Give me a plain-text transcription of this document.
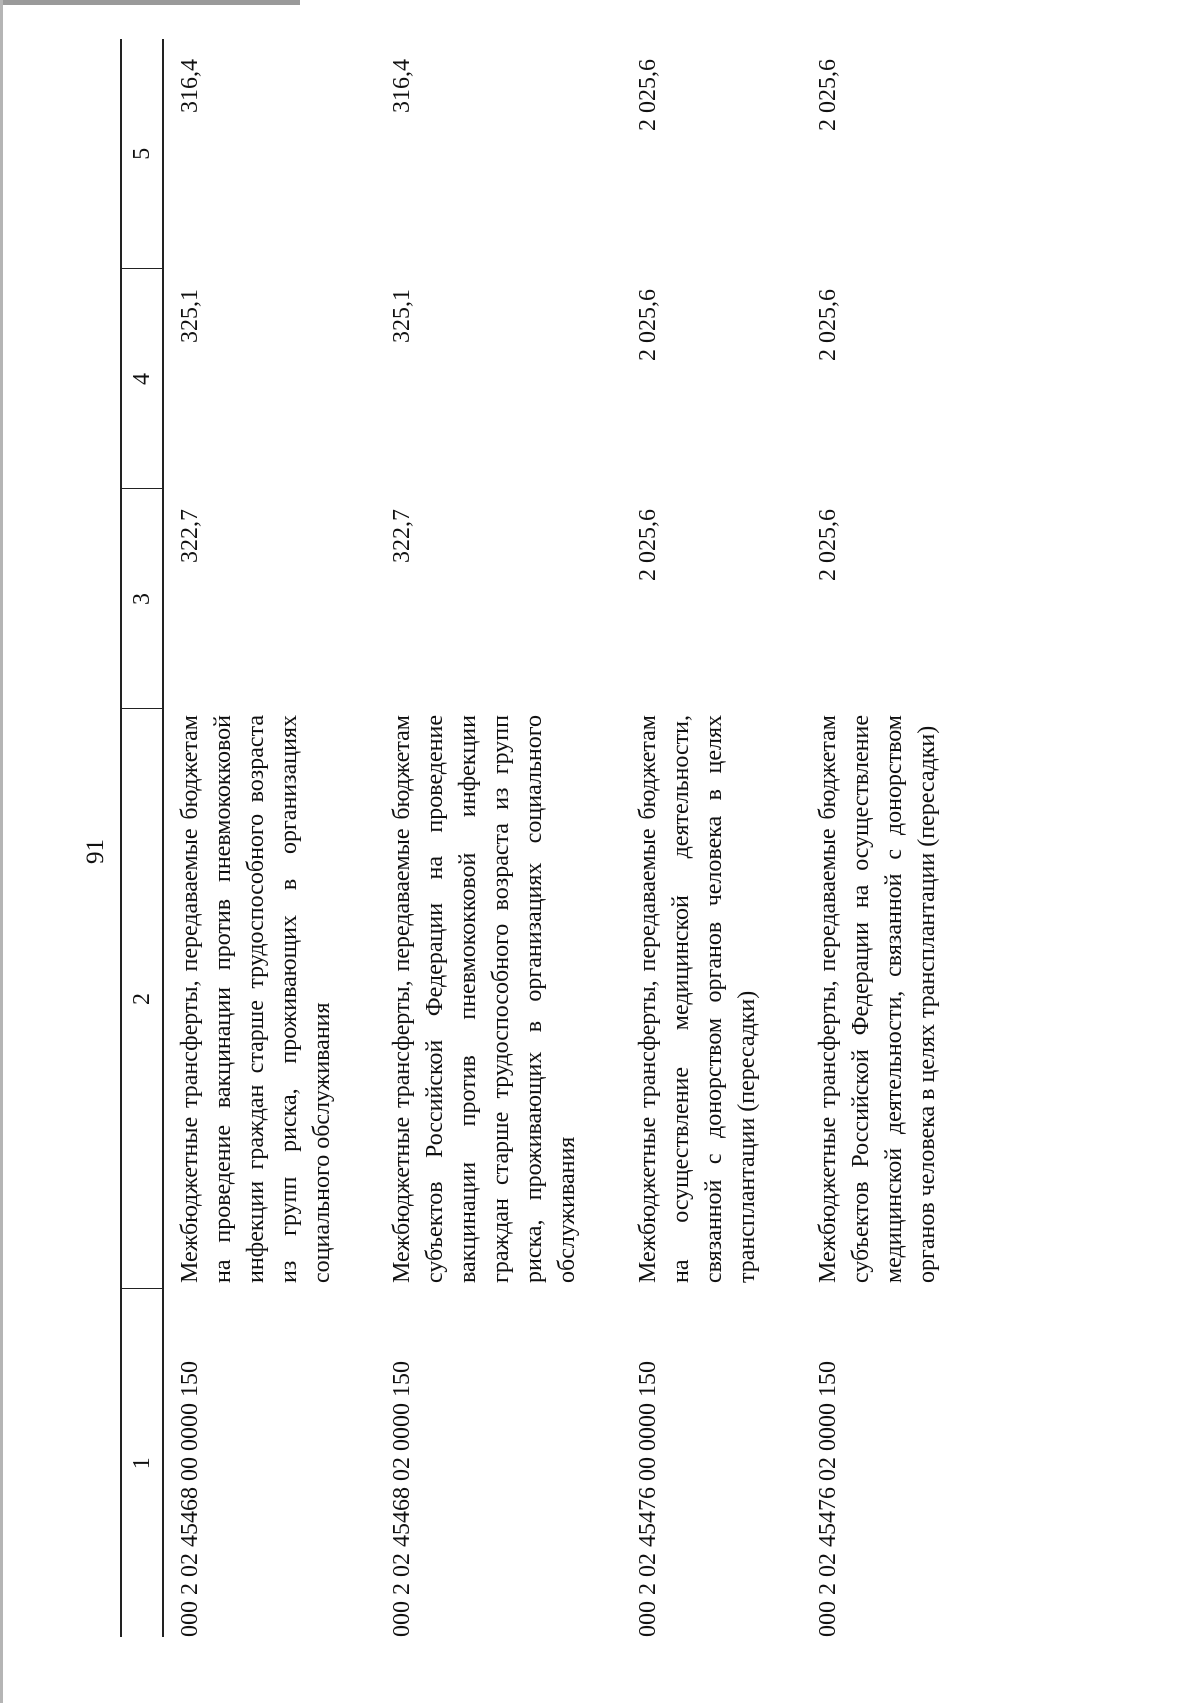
91
1	2	3	4	5
000 2 02 45468 00 0000 150	Межбюджетные трансферты, передаваемые бюджетам на проведение вакцинации против пневмококковой инфекции граждан старше трудоспособного возраста из групп риска, проживающих в организациях социального обслуживания	322,7	325,1	316,4
000 2 02 45468 02 0000 150	Межбюджетные трансферты, передаваемые бюджетам субъектов Российской Федерации на проведение вакцинации против пневмококковой инфекции граждан старше трудоспособного возраста из групп риска, проживающих в организациях социального обслуживания	322,7	325,1	316,4
000 2 02 45476 00 0000 150	Межбюджетные трансферты, передаваемые бюджетам на осуществление медицинской деятельности, связанной с донорством органов человека в целях трансплантации (пересадки)	2 025,6	2 025,6	2 025,6
000 2 02 45476 02 0000 150	Межбюджетные трансферты, передаваемые бюджетам субъектов Российской Федерации на осуществление медицинской деятельности, связанной с донорством органов человека в целях трансплантации (пересадки)	2 025,6	2 025,6	2 025,6
